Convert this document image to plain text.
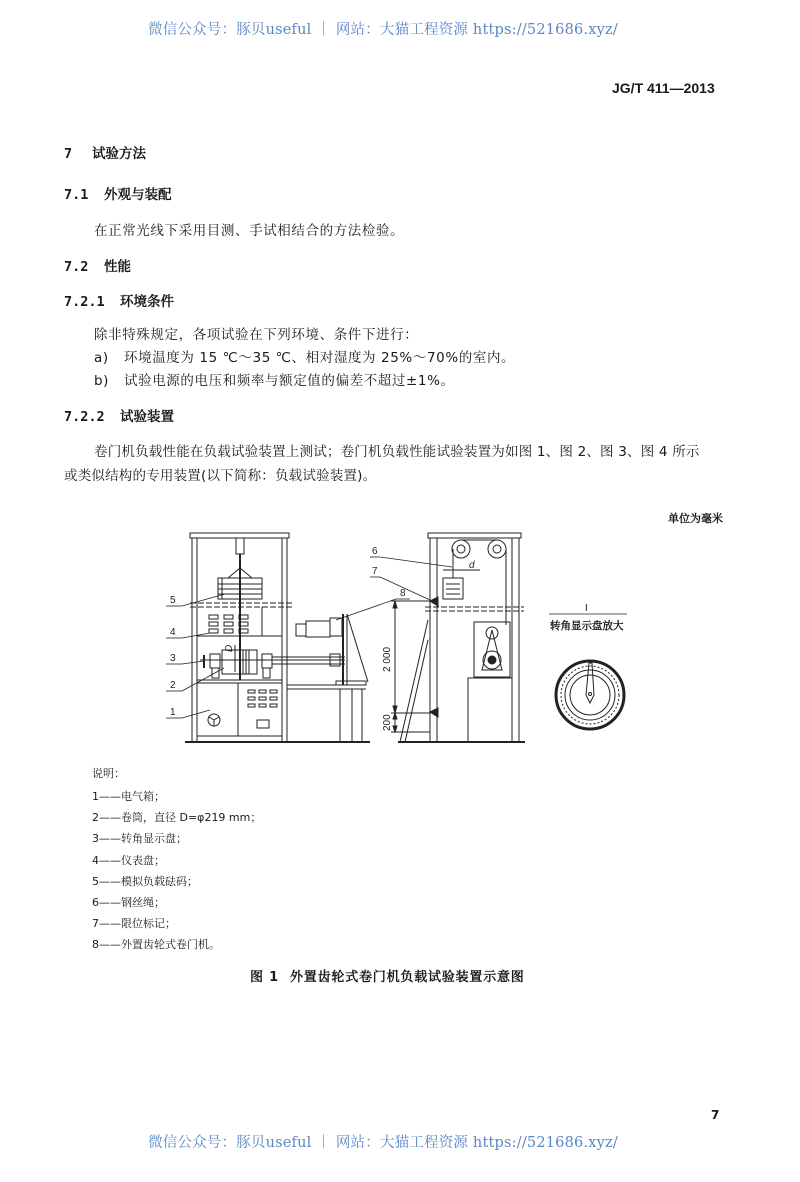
微信公众号：豚贝useful ｜ 网站：大猫工程资源 https://521686.xyz/
JG/T 411—2013
7 试验方法
7.1 外观与装配
在正常光线下采用目测、手试相结合的方法检验。
7.2 性能
7.2.1 环境条件
除非特殊规定，各项试验在下列环境、条件下进行：
a) 环境温度为 15 ℃～35 ℃、相对湿度为 25%～70%的室内。
b) 试验电源的电压和频率与额定值的偏差不超过±1%。
7.2.2 试验装置
卷门机负载性能在负载试验装置上测试；卷门机负载性能试验装置为如图 1、图 2、图 3、图 4 所示
或类似结构的专用装置(以下简称：负载试验装置)。
单位为毫米
5
4
3
2
1
6
7
8
D
d
2 000
200
I
转角显示盘放大
说明：
1——电气箱；
2——卷筒，直径 D=φ219 mm；
3——转角显示盘；
4——仪表盘；
5——模拟负载砝码；
6——钢丝绳；
7——限位标记；
8——外置齿轮式卷门机。
图 1 外置齿轮式卷门机负载试验装置示意图
7
微信公众号：豚贝useful ｜ 网站：大猫工程资源 https://521686.xyz/
